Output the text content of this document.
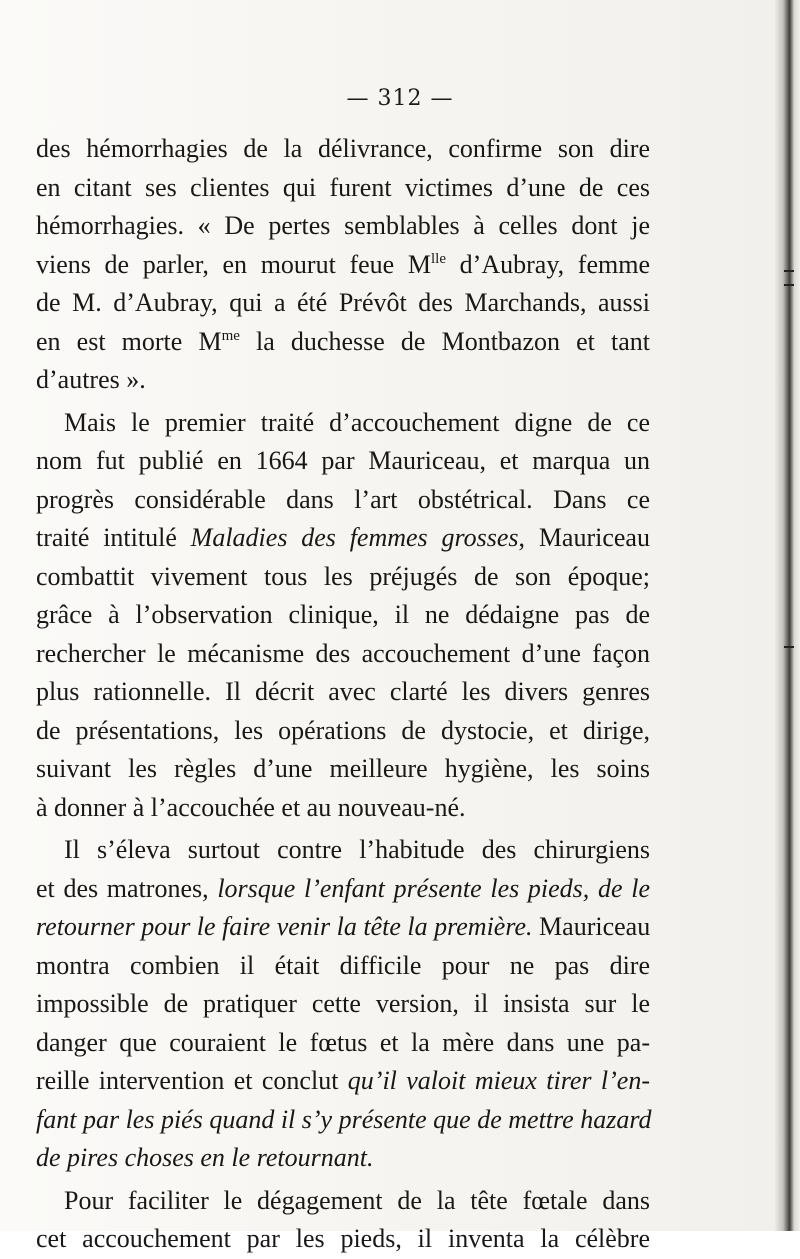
— 312 —
des hémorrhagies de la délivrance, confirme son dire
en citant ses clientes qui furent victimes d’une de ces
hémorrhagies. « De pertes semblables à celles dont je
viens de parler, en mourut feue $M^{lle}$ d’Aubray, femme
de M. d’Aubray, qui a été Prévôt des Marchands, aussi
en est morte $M^{me}$ la duchesse de Montbazon et tant
d’autres ».
Mais le premier traité d’accouchement digne de ce
nom fut publié en 1664 par Mauriceau, et marqua un
progrès considérable dans l’art obstétrical. Dans ce
traité intitulé Maladies des femmes grosses, Mauriceau
combattit vivement tous les préjugés de son époque;
grâce à l’observation clinique, il ne dédaigne pas de
rechercher le mécanisme des accouchement d’une façon
plus rationnelle. Il décrit avec clarté les divers genres
de présentations, les opérations de dystocie, et dirige,
suivant les règles d’une meilleure hygiène, les soins
à donner à l’accouchée et au nouveau-né.
Il s’éleva surtout contre l’habitude des chirurgiens
et des matrones, lorsque l’enfant présente les pieds, de le
retourner pour le faire venir la tête la première. Mauriceau
montra combien il était difficile pour ne pas dire
impossible de pratiquer cette version, il insista sur le
danger que couraient le fœtus et la mère dans une pa-
reille intervention et conclut qu’il valoit mieux tirer l’en-
fant par les piés quand il s’y présente que de mettre hazard
de pires choses en le retournant.
Pour faciliter le dégagement de la tête fœtale dans
cet accouchement par les pieds, il inventa la célèbre
